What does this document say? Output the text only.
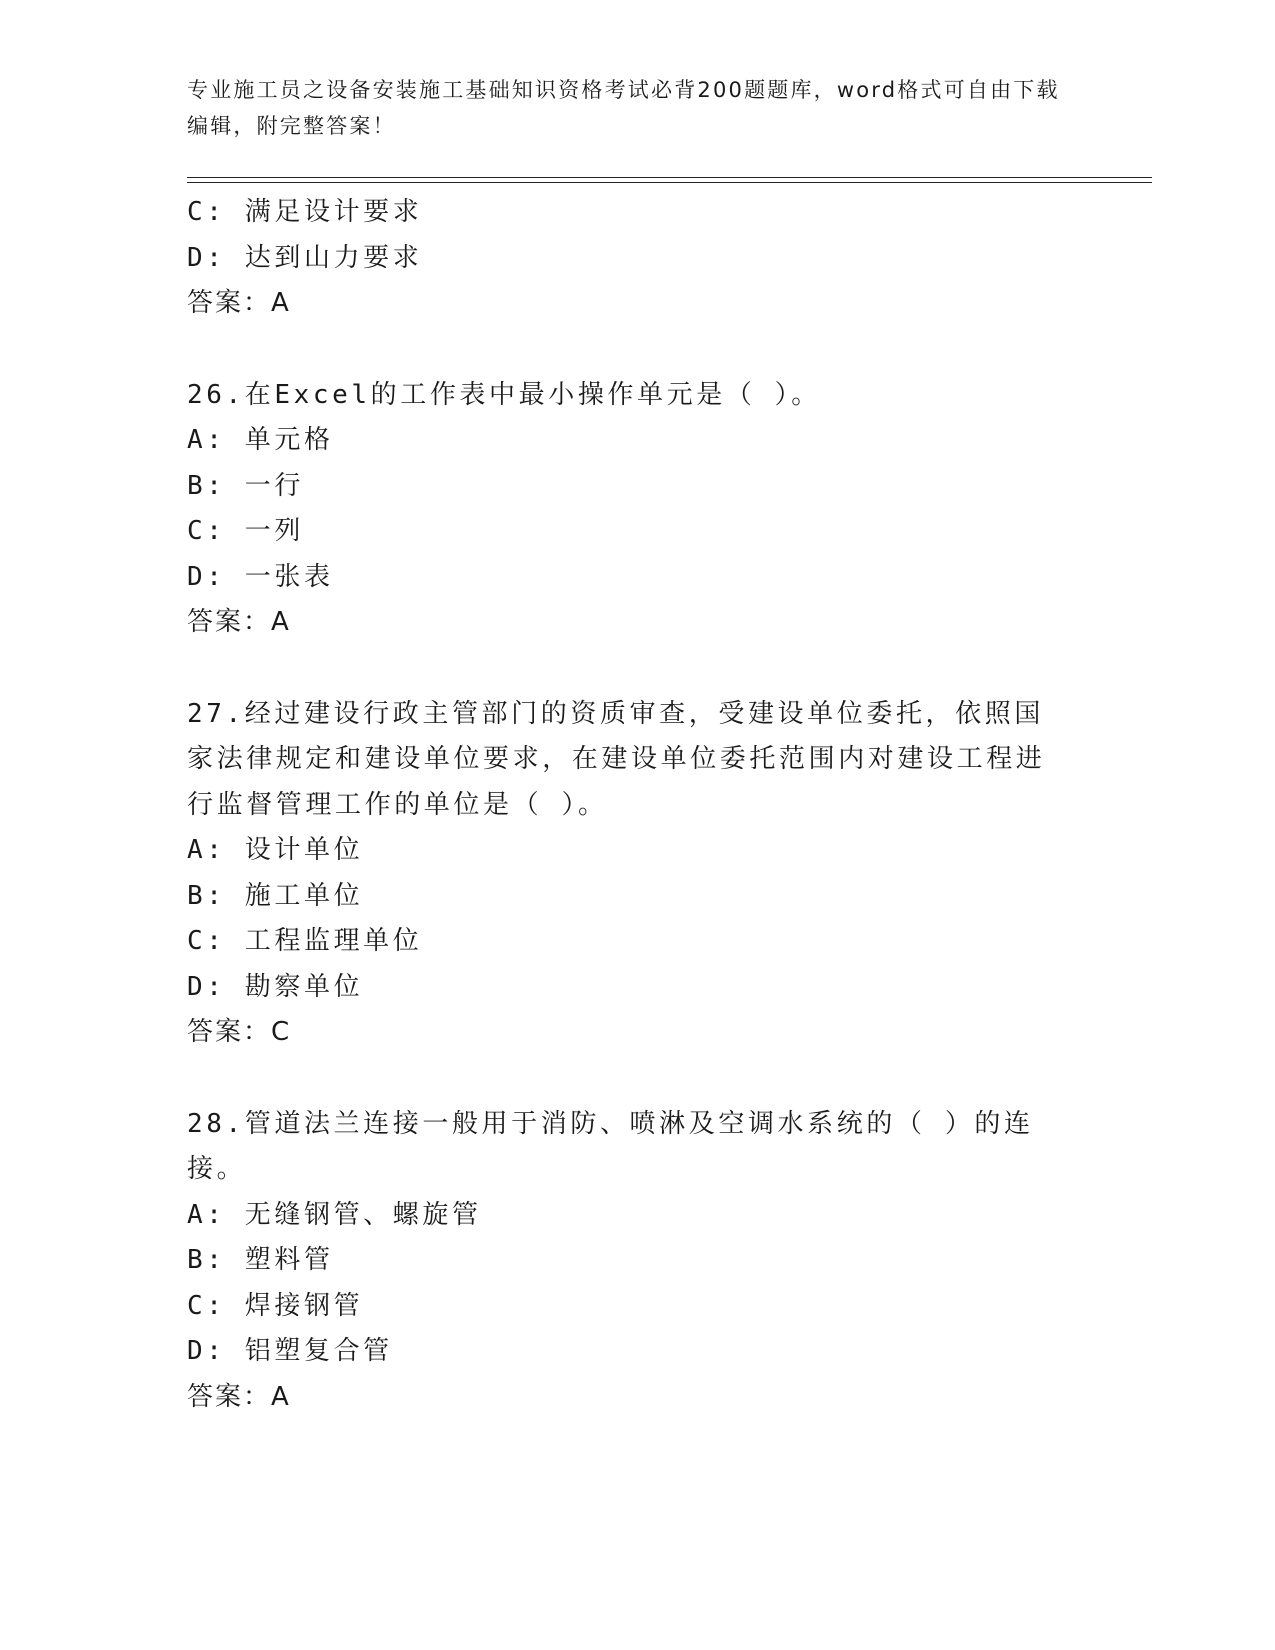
专业施工员之设备安装施工基础知识资格考试必背200题题库，word格式可自由下载编辑，附完整答案！
C: 满足设计要求
D: 达到山力要求
答案：A
26.在Excel的工作表中最小操作单元是（ ）。
A: 单元格
B: 一行
C: 一列
D: 一张表
答案：A
27.经过建设行政主管部门的资质审查，受建设单位委托，依照国家法律规定和建设单位要求，在建设单位委托范围内对建设工程进行监督管理工作的单位是（ ）。
A: 设计单位
B: 施工单位
C: 工程监理单位
D: 勘察单位
答案：C
28.管道法兰连接一般用于消防、喷淋及空调水系统的（ ）的连接。
A: 无缝钢管、螺旋管
B: 塑料管
C: 焊接钢管
D: 铝塑复合管
答案：A
